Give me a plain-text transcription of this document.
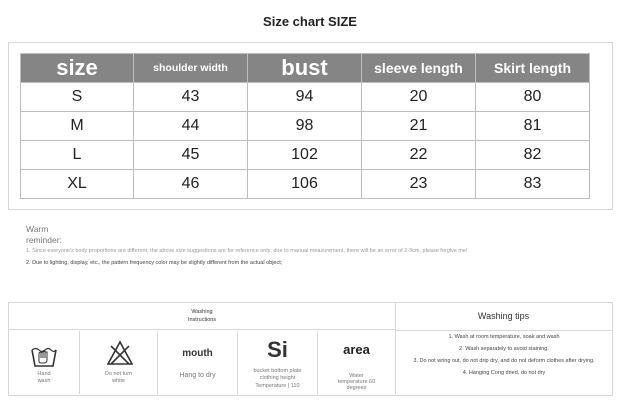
Size chart SIZE
size	shoulder width	bust	sleeve length	Skirt length
S	43	94	20	80
M	44	98	21	81
L	45	102	22	82
XL	46	106	23	83
Warm
reminder:
1. Since everyone's body proportions are different, the above size suggestions are for reference only; due to manual measurement, there will be an error of 2-3cm, please forgive me!
2. Due to lighting, display, etc., the pattern frequency color may be slightly different from the actual object;
Washing
Instructions	Washing tips
Hand
wash
Do not turn
white
mouth
Hang to dry
Si
bucket bottom plate
clothing height
Temperature | 110
area
Water
temperature 60
degrees
1. Wash at room temperature, soak and wash
2. Wash separately to avoid staining.
3. Do not wring out, do not drip dry, and do not deform clothes after drying.
4. Hanging Cong dried, do not dry
